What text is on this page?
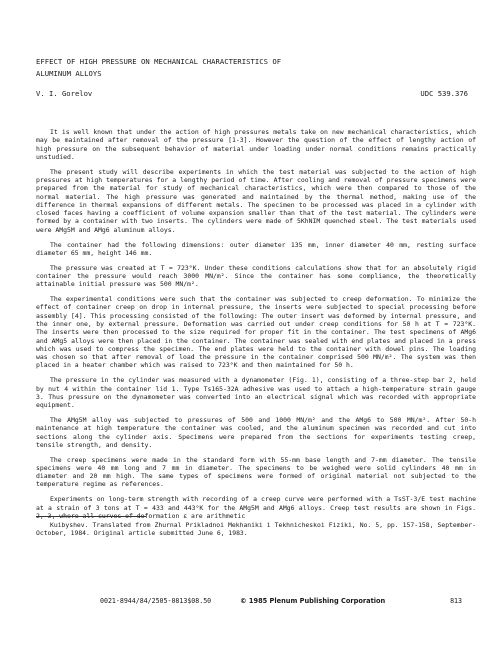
EFFECT OF HIGH PRESSURE ON MECHANICAL CHARACTERISTICS OF
ALUMINUM ALLOYS
V. I. Gorelov	UDC 539.376

It is well known that under the action of high pressures metals take on new mechanical characteristics, which may be maintained after removal of the pressure [1-3]. However the question of the effect of lengthy action of high pressure on the subsequent behavior of material under loading under normal conditions remains practically unstudied.

The present study will describe experiments in which the test material was subjected to the action of high pressures at high temperatures for a lengthy period of time. After cooling and removal of pressure specimens were prepared from the material for study of mechanical characteristics, which were then compared to those of the normal material. The high pressure was generated and maintained by the thermal method, making use of the difference in thermal expansions of different metals. The specimen to be processed was placed in a cylinder with closed faces having a coefficient of volume expansion smaller than that of the test material. The cylinders were formed by a container with two inserts. The cylinders were made of 5KhNIM quenched steel. The test materials used were AMg5M and AMg6 aluminum alloys.

The container had the following dimensions: outer diameter 135 mm, inner diameter 40 mm, resting surface diameter 65 mm, height 146 mm.

The pressure was created at T = 723°K. Under these conditions calculations show that for an absolutely rigid container the pressure would reach 3000 MN/m². Since the container has some compliance, the theoretically attainable initial pressure was 500 MN/m².

The experimental conditions were such that the container was subjected to creep deformation. To minimize the effect of container creep on drop in internal pressure, the inserts were subjected to special processing before assembly [4]. This processing consisted of the following: The outer insert was deformed by internal pressure, and the inner one, by external pressure. Deformation was carried out under creep conditions for 50 h at T = 723°K. The inserts were then processed to the size required for proper fit in the container. The test specimens of AMg6 and AMg5 alloys were then placed in the container. The container was sealed with end plates and placed in a press which was used to compress the specimen. The end plates were held to the container with dowel pins. The loading was chosen so that after removal of load the pressure in the container comprised 500 MN/m². The system was then placed in a heater chamber which was raised to 723°K and then maintained for 50 h.

The pressure in the cylinder was measured with a dynamometer (Fig. 1), consisting of a three-step bar 2, held by nut 4 within the container lid 1. Type Ts165-32A adhesive was used to attach a high-temperature strain gauge 3. Thus pressure on the dynamometer was converted into an electrical signal which was recorded with appropriate equipment.

The AMg5M alloy was subjected to pressures of 500 and 1000 MN/m² and the AMg6 to 500 MN/m². After 50-h maintenance at high temperature the container was cooled, and the aluminum specimen was recorded and cut into sections along the cylinder axis. Specimens were prepared from the sections for experiments testing creep, tensile strength, and density.

The creep specimens were made in the standard form with 55-mm base length and 7-mm diameter. The tensile specimens were 40 mm long and 7 mm in diameter. The specimens to be weighed were solid cylinders 40 mm in diameter and 20 mm high. The same types of specimens were formed of original material not subjected to the temperature regime as references.

Experiments on long-term strength with recording of a creep curve were performed with a TsST-3/E test machine at a strain of 3 tons at T = 433 and 443°K for the AMg5M and AMg6 alloys. Creep test results are shown in Figs. 2, 3, where all curves of deformation ε are arithmetic

Kuibyshev. Translated from Zhurnal Prikladnoi Mekhaniki i Tekhnicheskoi Fiziki, No. 5, pp. 157-158, September-October, 1984. Original article submitted June 6, 1983.
0021-8944/84/2505-0813$08.50	© 1985 Plenum Publishing Corporation	813
